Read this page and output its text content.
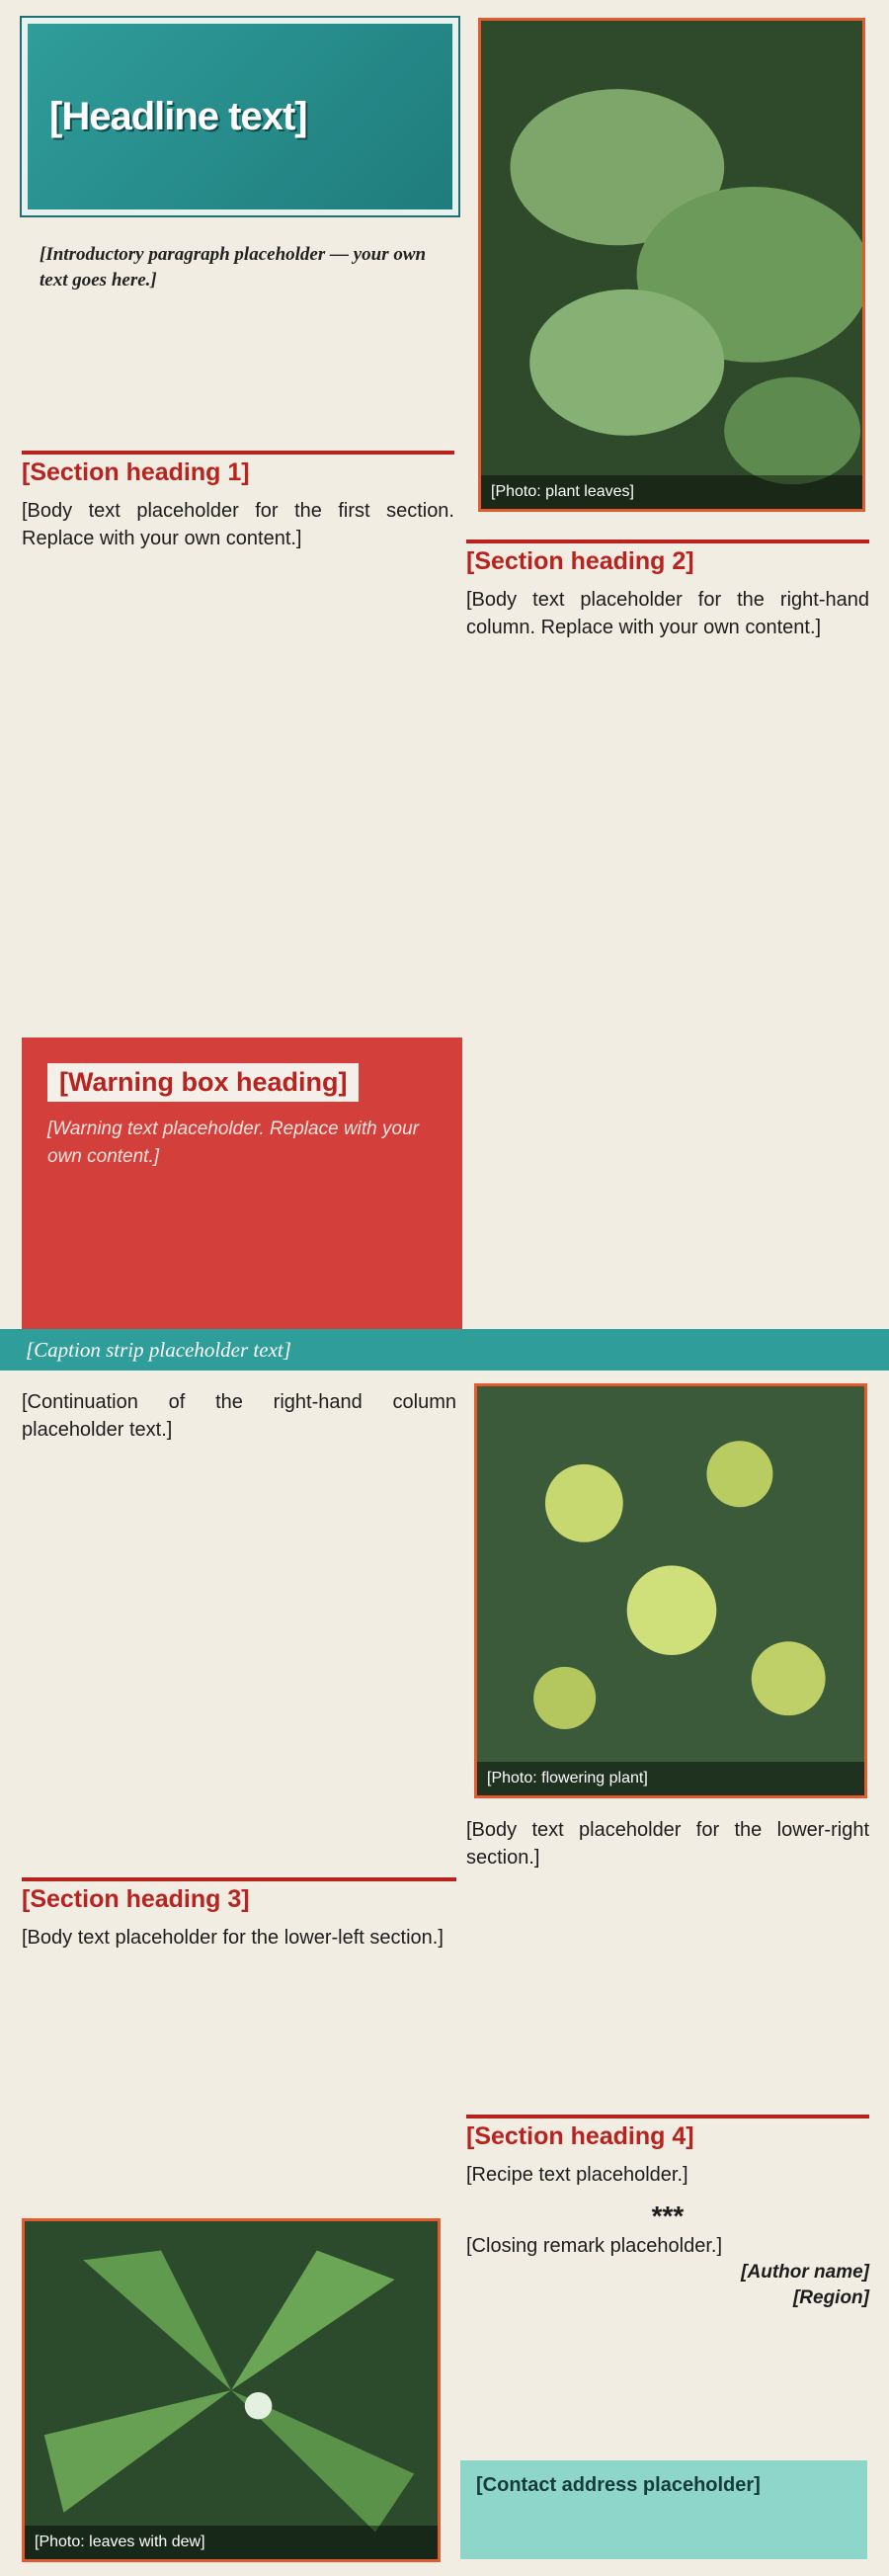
[Headline text]
[Introductory paragraph placeholder — your own text goes here.]
[Photo: plant leaves]
[Section heading 1]
[Body text placeholder for the first section. Replace with your own content.]
[Section heading 2]
[Body text placeholder for the right-hand column. Replace with your own content.]
[Warning box heading]

[Warning text placeholder. Replace with your own content.]

[Caption strip placeholder text]
[Continuation of the right-hand column placeholder text.]
[Photo: flowering plant]
[Section heading 3]
[Body text placeholder for the lower-left section.]
[Body text placeholder for the lower-right section.]
[Section heading 4]
[Recipe text placeholder.]
***
[Closing remark placeholder.]
[Author name]
[Region]
[Photo: leaves with dew]
[Contact address placeholder]
